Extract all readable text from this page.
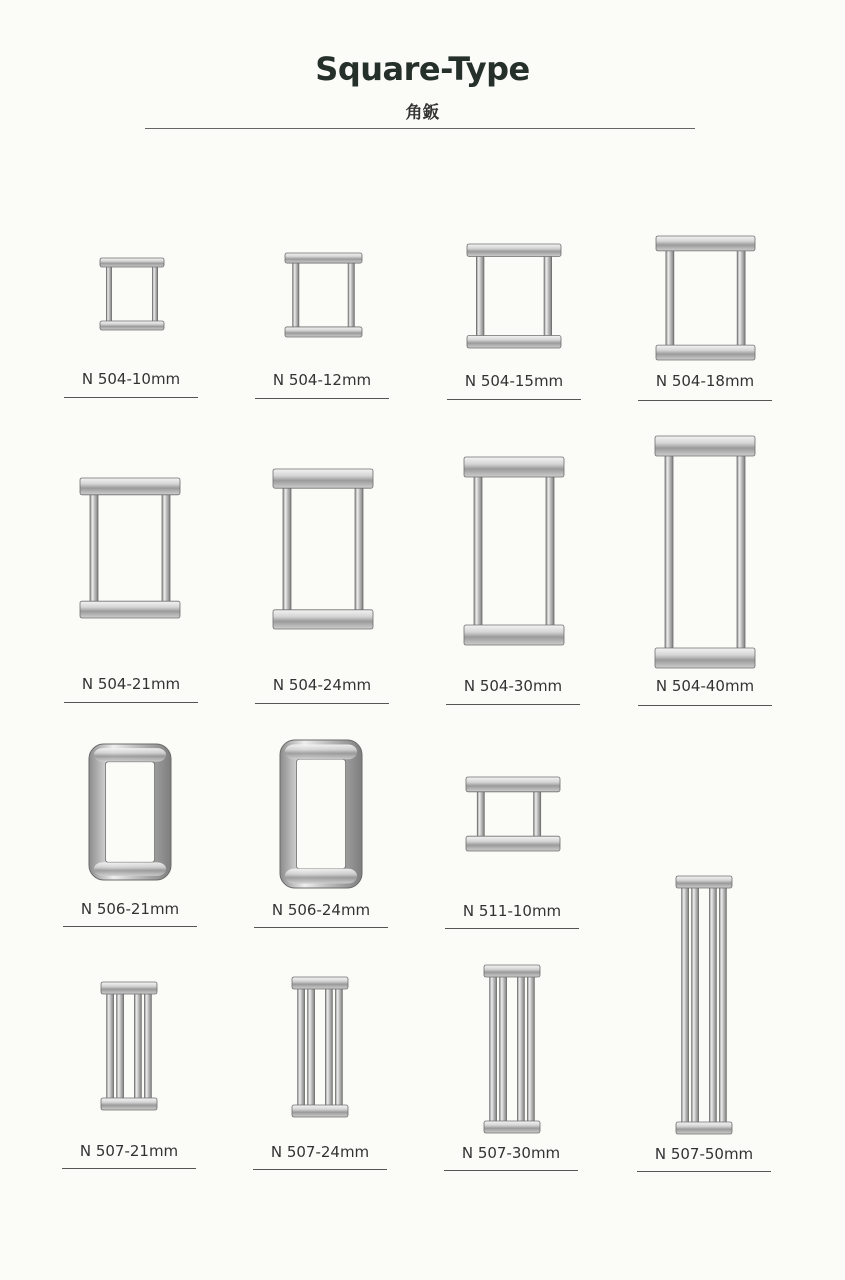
Square-Type
角鈑
N 504-10mm	N 504-12mm	N 504-15mm	N 504-18mm
N 504-21mm	N 504-24mm	N 504-30mm	N 504-40mm
N 506-21mm	N 506-24mm	N 511-10mm
N 507-21mm	N 507-24mm	N 507-30mm	N 507-50mm
